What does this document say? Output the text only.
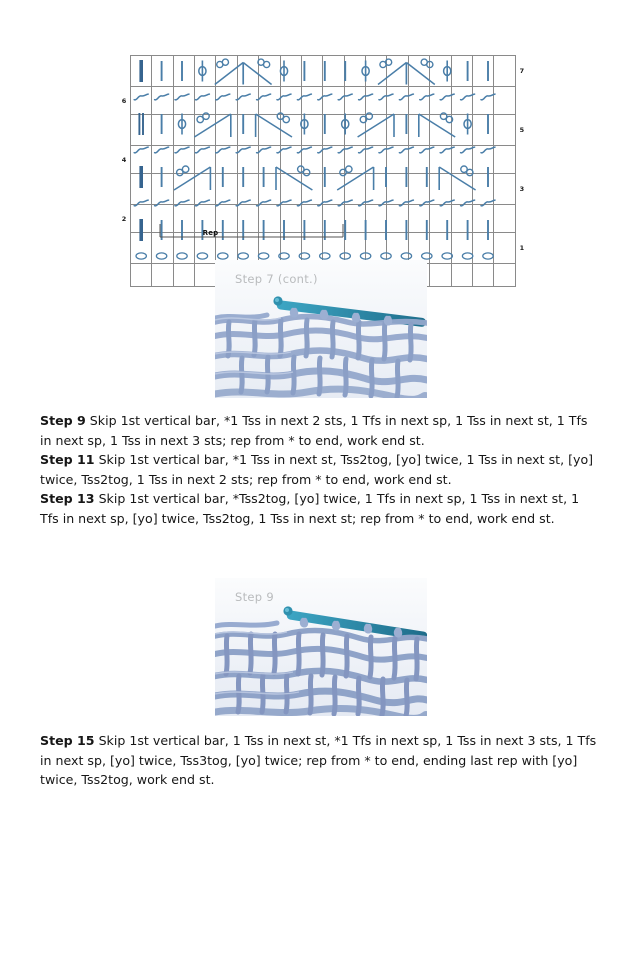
																			7
6																			
																			5
4																			
																			3
2																			
																			1

Rep
Step 7 (cont.)
Step 9

Step 9 Skip 1st vertical bar, *1 Tss in next 2 sts, 1 Tfs in next sp, 1 Tss in next st, 1 Tfs in next sp, 1 Tss in next 3 sts; rep from * to end, work end st.

Step 11 Skip 1st vertical bar, *1 Tss in next st, Tss2tog, [yo] twice, 1 Tss in next st, [yo] twice, Tss2tog, 1 Tss in next 2 sts; rep from * to end, work end st.

Step 13 Skip 1st vertical bar, *Tss2tog, [yo] twice, 1 Tfs in next sp, 1 Tss in next st, 1 Tfs in next sp, [yo] twice, Tss2tog, 1 Tss in next st; rep from * to end, work end st.

Step 15 Skip 1st vertical bar, 1 Tss in next st, *1 Tfs in next sp, 1 Tss in next 3 sts, 1 Tfs in next sp, [yo] twice, Tss3tog, [yo] twice; rep from * to end, ending last rep with [yo] twice, Tss2tog, work end st.
